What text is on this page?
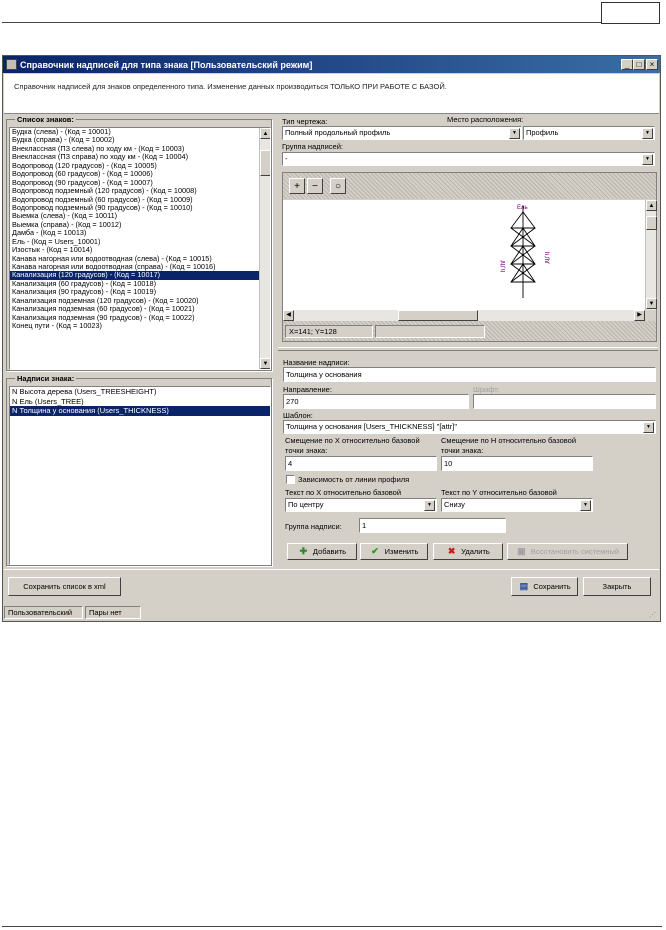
Справочник надписей для типа знака [Пользовательский режим]	_ □	×
Справочник надписей для знаков определенного типа. Изменение данных производиться ТОЛЬКО ПРИ РАБОТЕ С БАЗОЙ.
Список знаков:
Будка (слева) - (Код = 10001)
Будка (справа) - (Код = 10002)
Внеклассная (ПЗ слева) по ходу км - (Код = 10003)
Внеклассная (ПЗ справа) по ходу км - (Код = 10004)
Водопровод (120 градусов) - (Код = 10005)
Водопровод (60 градусов) - (Код = 10006)
Водопровод (90 градусов) - (Код = 10007)
Водопровод подземный (120 градусов) - (Код = 10008)
Водопровод подземный (60 градусов) - (Код = 10009)
Водопровод подземный (90 градусов) - (Код = 10010)
Выемка (слева) - (Код = 10011)
Выемка (справа) - (Код = 10012)
Дамба - (Код = 10013)
Ель - (Код = Users_10001)
Изостык - (Код = 10014)
Канава нагорная или водоотводная (слева) - (Код = 10015)
Канава нагорная или водоотводная (справа) - (Код = 10016)
Канализация (120 градусов) - (Код = 10017)
Канализация (60 градусов) - (Код = 10018)
Канализация (90 градусов) - (Код = 10019)
Канализация подземная (120 градусов) - (Код = 10020)
Канализация подземная (60 градусов) - (Код = 10021)
Канализация подземная (90 градусов) - (Код = 10022)
Конец пути - (Код = 10023)
▲
▼
Надписи знака:
N Высота дерева (Users_TREESHEIGHT)
N Ель (Users_TREE)
N Толщина у основания (Users_THICKNESS)
Тип чертежа:	Место расположения:
Полный продольный профиль	▼	Профиль	▼
Группа надписей:
-	▼
+	−	○
Ель
h,fhf
h,fhf
▲
▼
◀	▶
X=141; Y=128
Название надписи:
Толщина у основания
Направление:
270
Шрифт:
Шаблон:
Толщина у основания [Users_THICKNESS] "[attr]"	▼
Смещение по X относительно базовой точки знака:
Смещение по H относительно базовой точки знака:
4	10
Зависимость от линии профиля
Текст по X относительно базовой	Текст по Y относительно базовой
По центру	▼	Снизу	▼
Группа надписи:	1
✚ Добавить	✔ Изменить	✖ Удалить	▣ Восстановить системный
Сохранить список в xml	▤ Сохранить	Закрыть
Пользовательский	Пары нет	⋰
